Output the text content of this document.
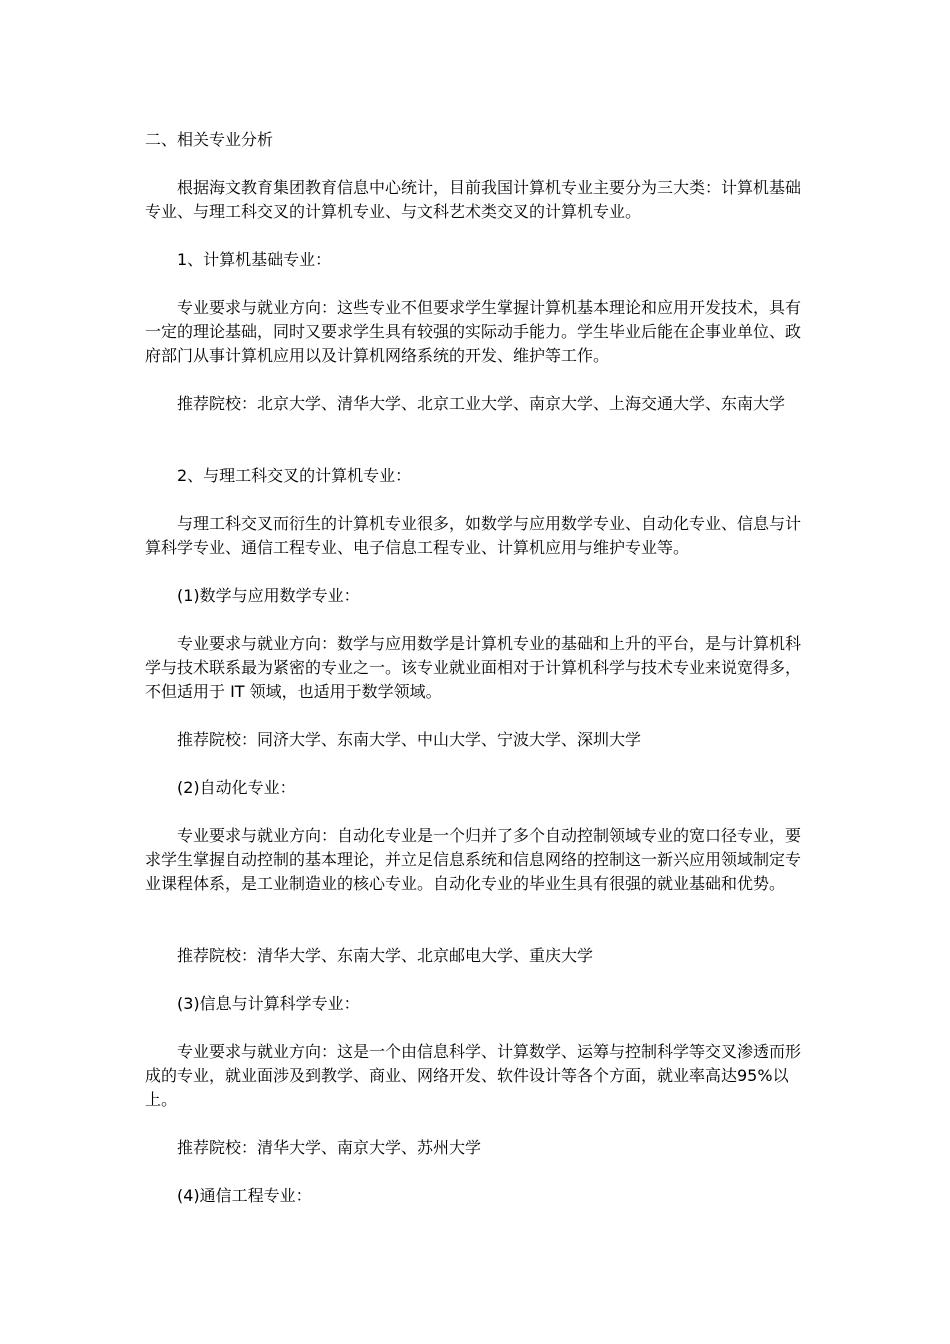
二、相关专业分析

根据海文教育集团教育信息中心统计，目前我国计算机专业主要分为三大类：计算机基础专业、与理工科交叉的计算机专业、与文科艺术类交叉的计算机专业。

1、计算机基础专业：

专业要求与就业方向：这些专业不但要求学生掌握计算机基本理论和应用开发技术，具有一定的理论基础，同时又要求学生具有较强的实际动手能力。学生毕业后能在企事业单位、政府部门从事计算机应用以及计算机网络系统的开发、维护等工作。

推荐院校：北京大学、清华大学、北京工业大学、南京大学、上海交通大学、东南大学

2、与理工科交叉的计算机专业：

与理工科交叉而衍生的计算机专业很多，如数学与应用数学专业、自动化专业、信息与计算科学专业、通信工程专业、电子信息工程专业、计算机应用与维护专业等。

(1)数学与应用数学专业：

专业要求与就业方向：数学与应用数学是计算机专业的基础和上升的平台，是与计算机科学与技术联系最为紧密的专业之一。该专业就业面相对于计算机科学与技术专业来说宽得多，不但适用于 IT 领域，也适用于数学领域。

推荐院校：同济大学、东南大学、中山大学、宁波大学、深圳大学

(2)自动化专业：

专业要求与就业方向：自动化专业是一个归并了多个自动控制领域专业的宽口径专业，要求学生掌握自动控制的基本理论，并立足信息系统和信息网络的控制这一新兴应用领域制定专业课程体系，是工业制造业的核心专业。自动化专业的毕业生具有很强的就业基础和优势。

推荐院校：清华大学、东南大学、北京邮电大学、重庆大学

(3)信息与计算科学专业：

专业要求与就业方向：这是一个由信息科学、计算数学、运筹与控制科学等交叉渗透而形成的专业，就业面涉及到教学、商业、网络开发、软件设计等各个方面，就业率高达95%以上。

推荐院校：清华大学、南京大学、苏州大学

(4)通信工程专业：
